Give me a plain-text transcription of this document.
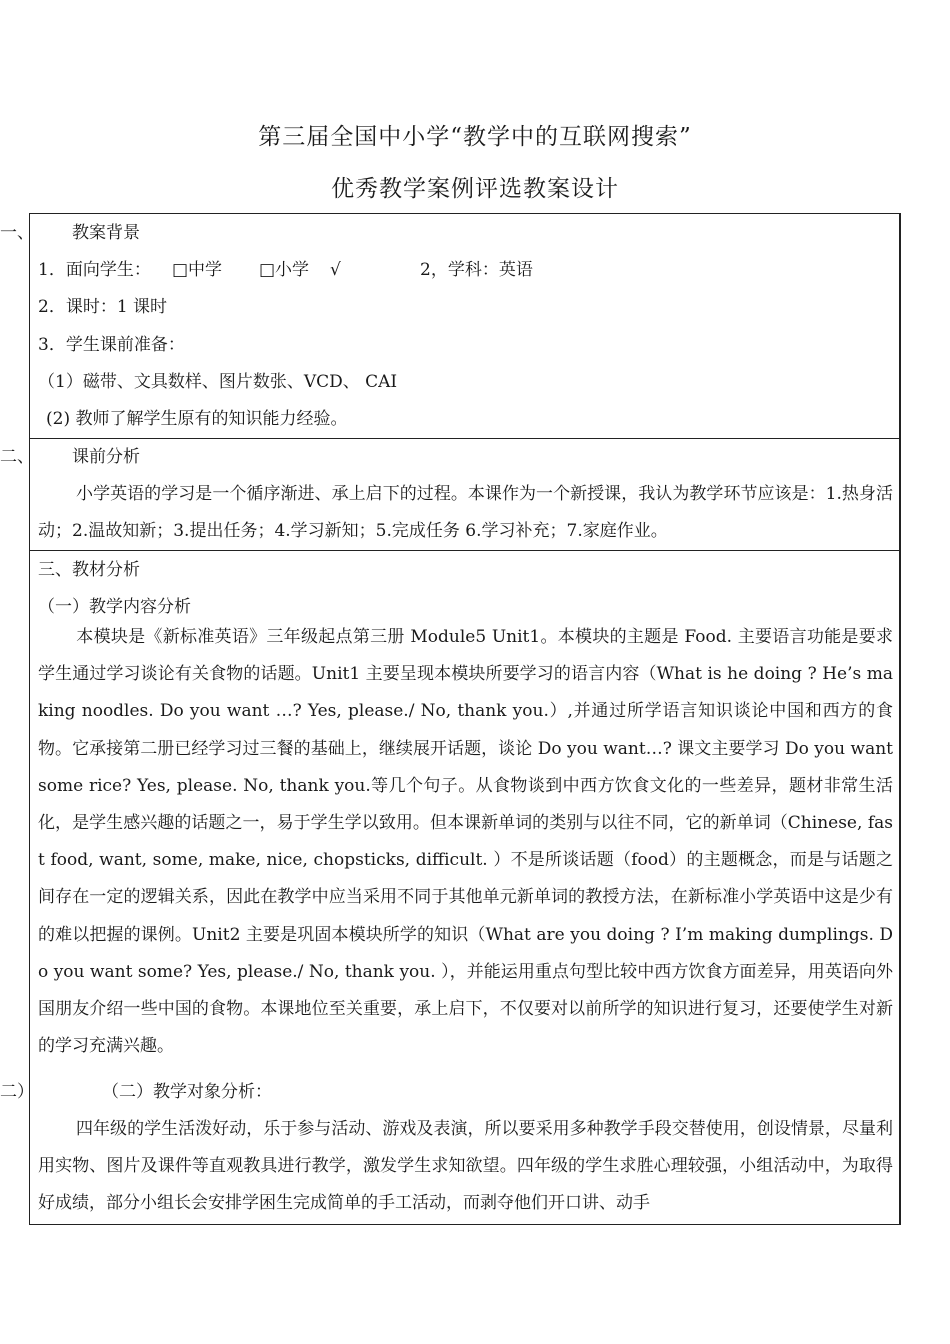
第三届全国中小学“教学中的互联网搜索”
优秀教学案例评选教案设计
一、 教案背景
1．面向学生： □中学 □小学 √	2，学科：英语
2．课时：1 课时
3．学生课前准备：
（1）磁带、文具数样、图片数张、VCD、 CAI
(2) 教师了解学生原有的知识能力经验。
二、 课前分析
小学英语的学习是一个循序渐进、承上启下的过程。本课作为一个新授课，我认为教学环节应该是：1.热身活动；2.温故知新；3.提出任务；4.学习新知；5.完成任务 6.学习补充；7.家庭作业。
三、教材分析
（一）教学内容分析
本模块是《新标准英语》三年级起点第三册 Module5 Unit1。本模块的主题是 Food. 主要语言功能是要求学生通过学习谈论有关食物的话题。Unit1 主要呈现本模块所要学习的语言内容（What is he doing ? He’s making noodles. Do you want …? Yes, please./ No, thank you.）,并通过所学语言知识谈论中国和西方的食物。它承接第二册已经学习过三餐的基础上，继续展开话题，谈论 Do you want…? 课文主要学习 Do you want some rice? Yes, please. No, thank you.等几个句子。从食物谈到中西方饮食文化的一些差异，题材非常生活化，是学生感兴趣的话题之一，易于学生学以致用。但本课新单词的类别与以往不同，它的新单词（Chinese, fast food, want, some, make, nice, chopsticks, difficult. ）不是所谈话题（food）的主题概念，而是与话题之间存在一定的逻辑关系，因此在教学中应当采用不同于其他单元新单词的教授方法，在新标准小学英语中这是少有的难以把握的课例。Unit2 主要是巩固本模块所学的知识（What are you doing ? I’m making dumplings. Do you want some? Yes, please./ No, thank you. ），并能运用重点句型比较中西方饮食方面差异，用英语向外国朋友介绍一些中国的食物。本课地位至关重要，承上启下，不仅要对以前所学的知识进行复习，还要使学生对新的学习充满兴趣。
二）	（二）教学对象分析：
四年级的学生活泼好动，乐于参与活动、游戏及表演，所以要采用多种教学手段交替使用，创设情景，尽量利用实物、图片及课件等直观教具进行教学，激发学生求知欲望。四年级的学生求胜心理较强，小组活动中，为取得好成绩，部分小组长会安排学困生完成简单的手工活动，而剥夺他们开口讲、动手
